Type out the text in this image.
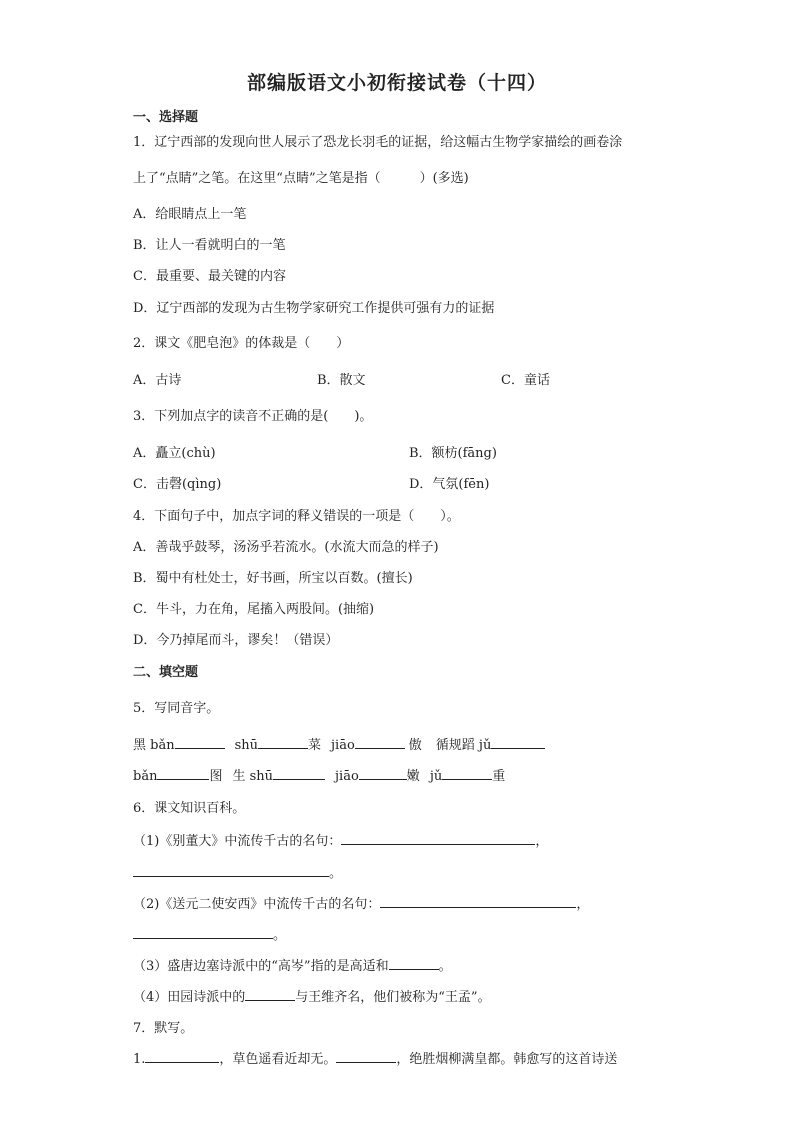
部编版语文小初衔接试卷（十四）
一、选择题
1．辽宁西部的发现向世人展示了恐龙长羽毛的证据，给这幅古生物学家描绘的画卷涂
上了“点睛”之笔。在这里“点睛”之笔是指（　　　）(多选)
A．给眼睛点上一笔
B．让人一看就明白的一笔
C．最重要、最关键的内容
D．辽宁西部的发现为古生物学家研究工作提供可强有力的证据
2．课文《肥皂泡》的体裁是（　　）
A．古诗	B．散文	C．童话
3．下列加点字的读音不正确的是(　　)。
A．矗立(chù)	B．额枋(fāng)
C．击磬(qìng)	D．气氛(fēn)
4．下面句子中，加点字词的释义错误的一项是（　　）。
A．善哉乎鼓琴，汤汤乎若流水。(水流大而急的样子)
B．蜀中有杜处士，好书画，所宝以百数。(擅长)
C．牛斗，力在角，尾搐入两股间。(抽缩)
D．今乃掉尾而斗，谬矣！（错误）
二、填空题
5．写同音字。
黑 bǎn	shū	菜 jiāo	傲 循规蹈 jǔ
bǎn	图 生 shū	jiāo	嫩 jǔ	重
6．课文知识百科。
（1)《别董大》中流传千古的名句：	，
。
（2)《送元二使安西》中流传千古的名句：	，
。
（3）盛唐边塞诗派中的“高岑”指的是高适和	。
（4）田园诗派中的	与王维齐名，他们被称为“王孟”。
7．默写。
1.	，草色遥看近却无。	，绝胜烟柳满皇都。韩愈写的这首诗送
